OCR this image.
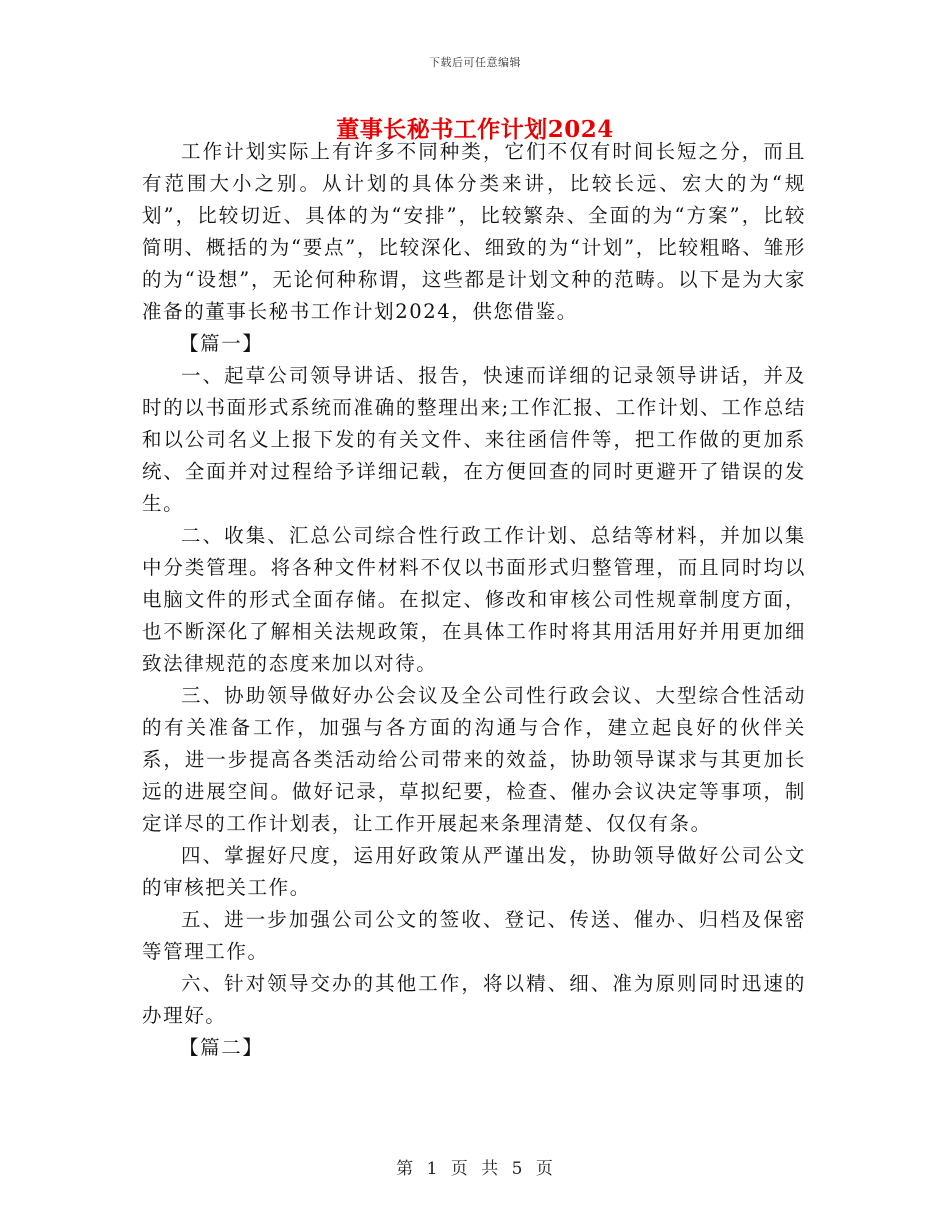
下载后可任意编辑
董事长秘书工作计划2024

工作计划实际上有许多不同种类，它们不仅有时间长短之分，而且有范围大小之别。从计划的具体分类来讲，比较长远、宏大的为“规划”，比较切近、具体的为“安排”，比较繁杂、全面的为“方案”，比较简明、概括的为“要点”，比较深化、细致的为“计划”，比较粗略、雏形的为“设想”，无论何种称谓，这些都是计划文种的范畴。以下是为大家准备的董事长秘书工作计划2024，供您借鉴。

【篇一】

一、起草公司领导讲话、报告，快速而详细的记录领导讲话，并及时的以书面形式系统而准确的整理出来;工作汇报、工作计划、工作总结和以公司名义上报下发的有关文件、来往函信件等，把工作做的更加系统、全面并对过程给予详细记载，在方便回查的同时更避开了错误的发生。

二、收集、汇总公司综合性行政工作计划、总结等材料，并加以集中分类管理。将各种文件材料不仅以书面形式归整管理，而且同时均以电脑文件的形式全面存储。在拟定、修改和审核公司性规章制度方面，也不断深化了解相关法规政策，在具体工作时将其用活用好并用更加细致法律规范的态度来加以对待。

三、协助领导做好办公会议及全公司性行政会议、大型综合性活动的有关准备工作，加强与各方面的沟通与合作，建立起良好的伙伴关系，进一步提高各类活动给公司带来的效益，协助领导谋求与其更加长远的进展空间。做好记录，草拟纪要，检查、催办会议决定等事项，制定详尽的工作计划表，让工作开展起来条理清楚、仅仅有条。

四、掌握好尺度，运用好政策从严谨出发，协助领导做好公司公文的审核把关工作。

五、进一步加强公司公文的签收、登记、传送、催办、归档及保密等管理工作。

六、针对领导交办的其他工作，将以精、细、准为原则同时迅速的办理好。

【篇二】

第 1 页 共 5 页
